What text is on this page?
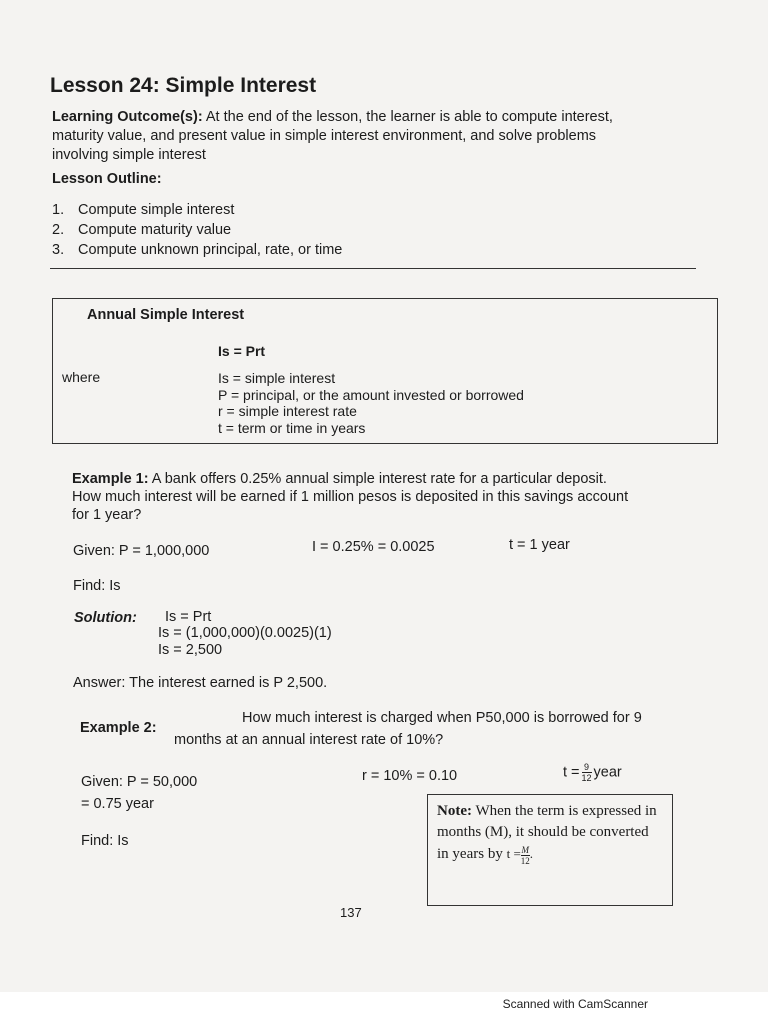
Lesson 24: Simple Interest
Learning Outcome(s): At the end of the lesson, the learner is able to compute interest, maturity value, and present value in simple interest environment, and solve problems involving simple interest
Lesson Outline:
1. Compute simple interest
2. Compute maturity value
3. Compute unknown principal, rate, or time
Annual Simple Interest
Is = Prt
where	Is = simple interest
P = principal, or the amount invested or borrowed
r = simple interest rate
t = term or time in years
Example 1: A bank offers 0.25% annual simple interest rate for a particular deposit. How much interest will be earned if 1 million pesos is deposited in this savings account for 1 year?
Given: P = 1,000,000	I = 0.25% = 0.0025	t = 1 year
Find: Is
Solution: Is = Prt
Is = (1,000,000)(0.0025)(1)
Is = 2,500
Answer: The interest earned is P 2,500.
Example 2:
How much interest is charged when P50,000 is borrowed for 9
months at an annual interest rate of 10%?
Given: P = 50,000	r = 10% = 0.10	$t = \frac{9}{12}$ year
= 0.75 year
Find: Is
Note: When the term is expressed in months (M), it should be converted in years by $t = \frac{M}{12}$ .
137
Scanned with CamScanner
